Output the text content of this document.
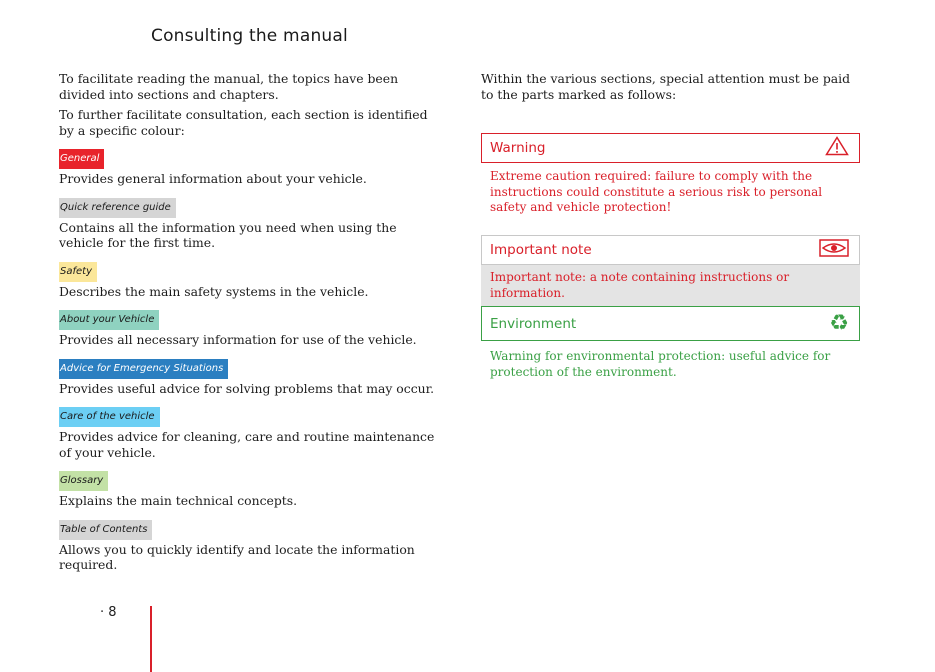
Consulting the manual

To facilitate reading the manual, the topics have been divided into sections and chapters.

To further facilitate consultation, each section is identified by a specific colour:

General
Provides general information about your vehicle.
Quick reference guide
Contains all the information you need when using the vehicle for the first time.
Safety
Describes the main safety systems in the vehicle.
About your Vehicle
Provides all necessary information for use of the vehicle.
Advice for Emergency Situations
Provides useful advice for solving problems that may occur.
Care of the vehicle
Provides advice for cleaning, care and routine maintenance of your vehicle.
Glossary
Explains the main technical concepts.
Table of Contents
Allows you to quickly identify and locate the information required.

Within the various sections, special attention must be paid to the parts marked as follows:

Warning
Extreme caution required: failure to comply with the instructions could constitute a serious risk to personal safety and vehicle protection!
Important note
Important note: a note containing instructions or information.
Environment	♻
Warning for environmental protection: useful advice for protection of the environment.
· 8
